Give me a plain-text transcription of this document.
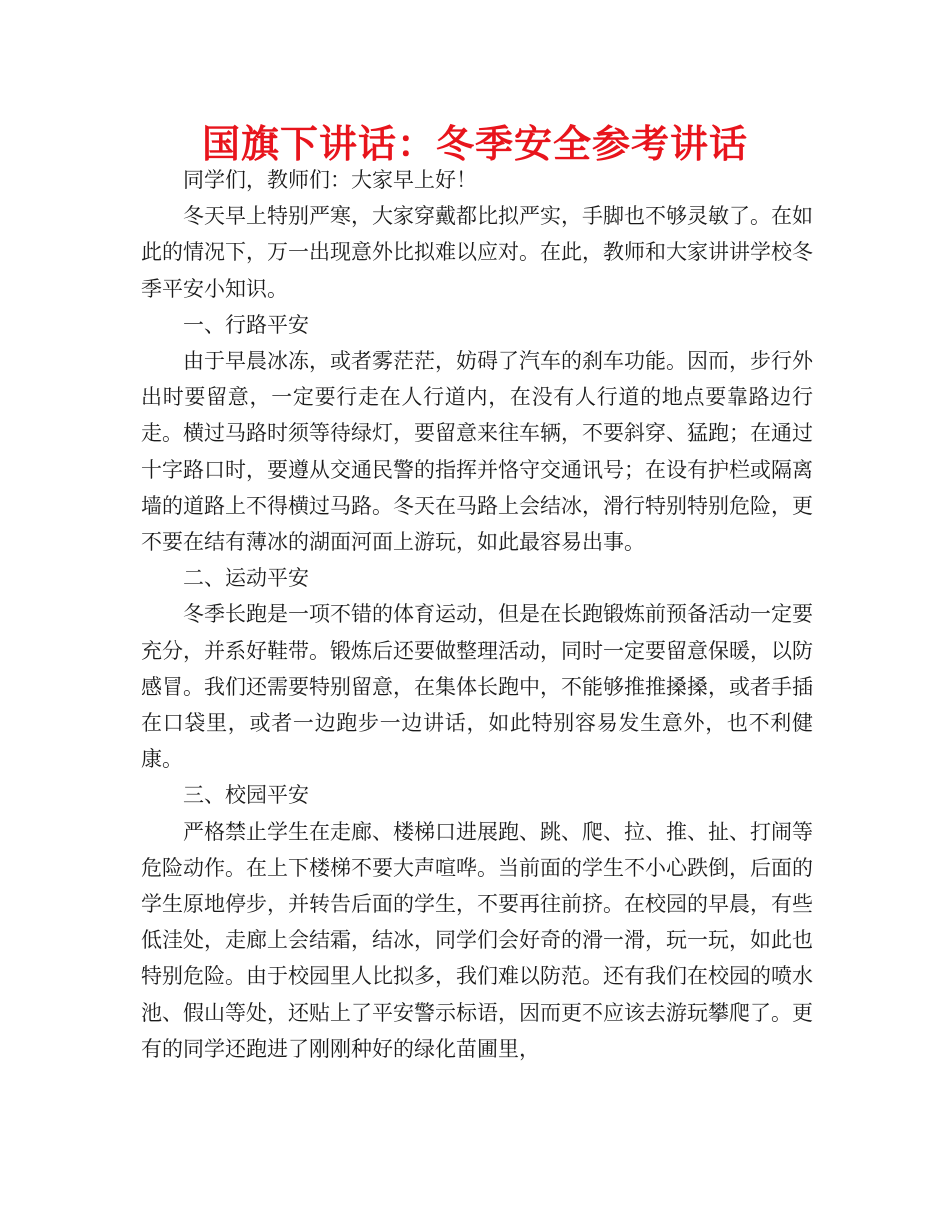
国旗下讲话：冬季安全参考讲话

同学们，教师们：大家早上好！

冬天早上特别严寒，大家穿戴都比拟严实，手脚也不够灵敏了。在如此的情况下，万一出现意外比拟难以应对。在此，教师和大家讲讲学校冬季平安小知识。

一、行路平安

由于早晨冰冻，或者雾茫茫，妨碍了汽车的刹车功能。因而，步行外出时要留意，一定要行走在人行道内，在没有人行道的地点要靠路边行走。横过马路时须等待绿灯，要留意来往车辆，不要斜穿、猛跑；在通过十字路口时，要遵从交通民警的指挥并恪守交通讯号；在设有护栏或隔离墙的道路上不得横过马路。冬天在马路上会结冰，滑行特别特别危险，更不要在结有薄冰的湖面河面上游玩，如此最容易出事。

二、运动平安

冬季长跑是一项不错的体育运动，但是在长跑锻炼前预备活动一定要充分，并系好鞋带。锻炼后还要做整理活动，同时一定要留意保暖，以防感冒。我们还需要特别留意，在集体长跑中，不能够推推搡搡，或者手插在口袋里，或者一边跑步一边讲话，如此特别容易发生意外，也不利健康。

三、校园平安

严格禁止学生在走廊、楼梯口进展跑、跳、爬、拉、推、扯、打闹等危险动作。在上下楼梯不要大声喧哗。当前面的学生不小心跌倒，后面的学生原地停步，并转告后面的学生，不要再往前挤。在校园的早晨，有些低洼处，走廊上会结霜，结冰，同学们会好奇的滑一滑，玩一玩，如此也特别危险。由于校园里人比拟多，我们难以防范。还有我们在校园的喷水池、假山等处，还贴上了平安警示标语，因而更不应该去游玩攀爬了。更有的同学还跑进了刚刚种好的绿化苗圃里，
